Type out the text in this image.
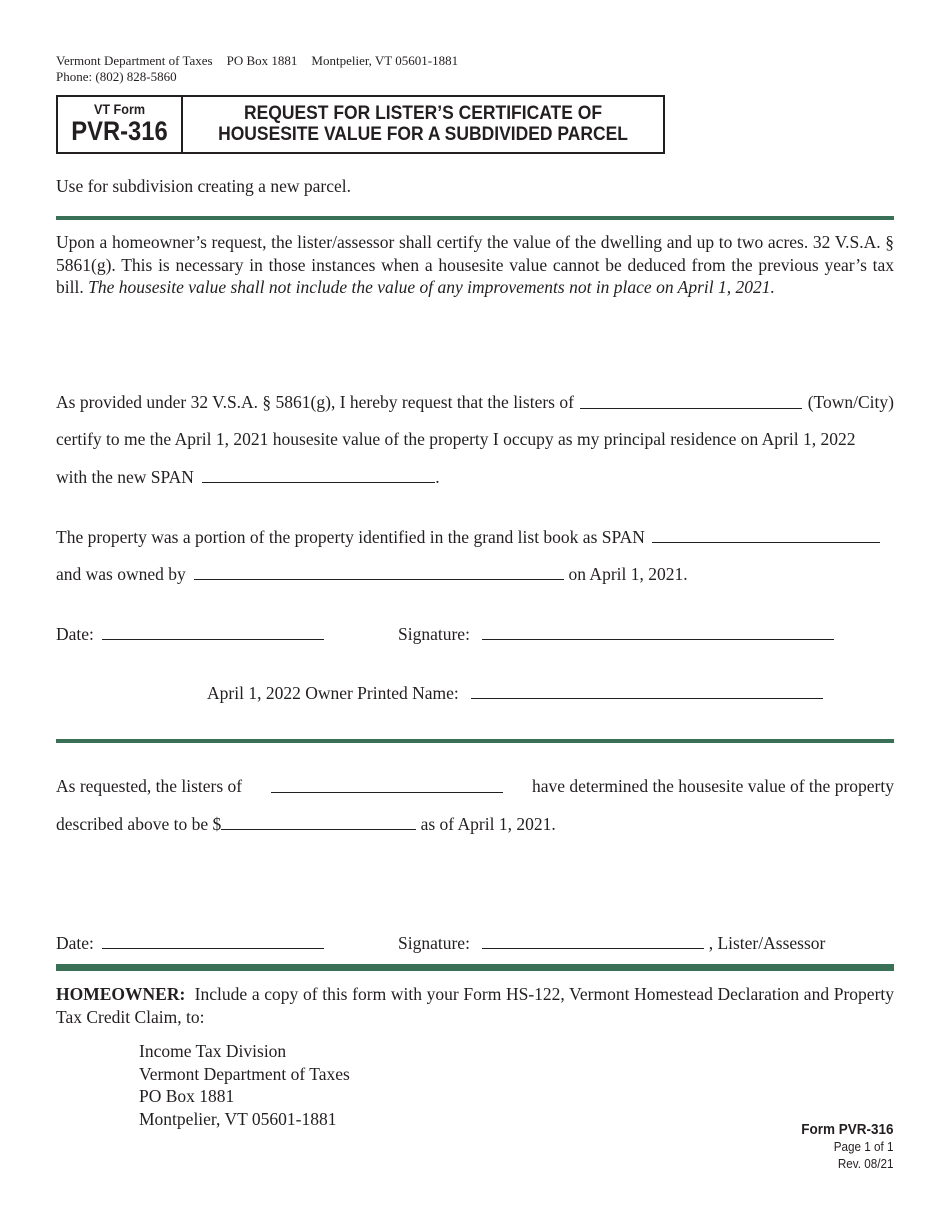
Vermont Department of Taxes PO Box 1881 Montpelier, VT 05601-1881
Phone: (802) 828-5860
VT Form
PVR-316
REQUEST FOR LISTER’S CERTIFICATE OF
HOUSESITE VALUE FOR A SUBDIVIDED PARCEL
Use for subdivision creating a new parcel.
Upon a homeowner’s request, the lister/assessor shall certify the value of the dwelling and up to two acres. 32 V.S.A. § 5861(g). This is necessary in those instances when a housesite value cannot be deduced from the previous year’s tax bill. The housesite value shall not include the value of any improvements not in place on April 1, 2021.
As provided under 32 V.S.A. § 5861(g), I hereby request that the listers of	(Town/City)
certify to me the April 1, 2021 housesite value of the property I occupy as my principal residence on April 1, 2022
with the new SPAN	.
The property was a portion of the property identified in the grand list book as SPAN
and was owned by	on April 1, 2021.
Date:	Signature:
April 1, 2022 Owner Printed Name:
As requested, the listers of	have determined the housesite value of the property
described above to be $	as of April 1, 2021.
Date:	Signature:	, Lister/Assessor
HOMEOWNER: Include a copy of this form with your Form HS-122, Vermont Homestead Declaration and Property Tax Credit Claim, to:
Income Tax Division
Vermont Department of Taxes
PO Box 1881
Montpelier, VT 05601-1881
Form PVR-316
Page 1 of 1
Rev. 08/21
